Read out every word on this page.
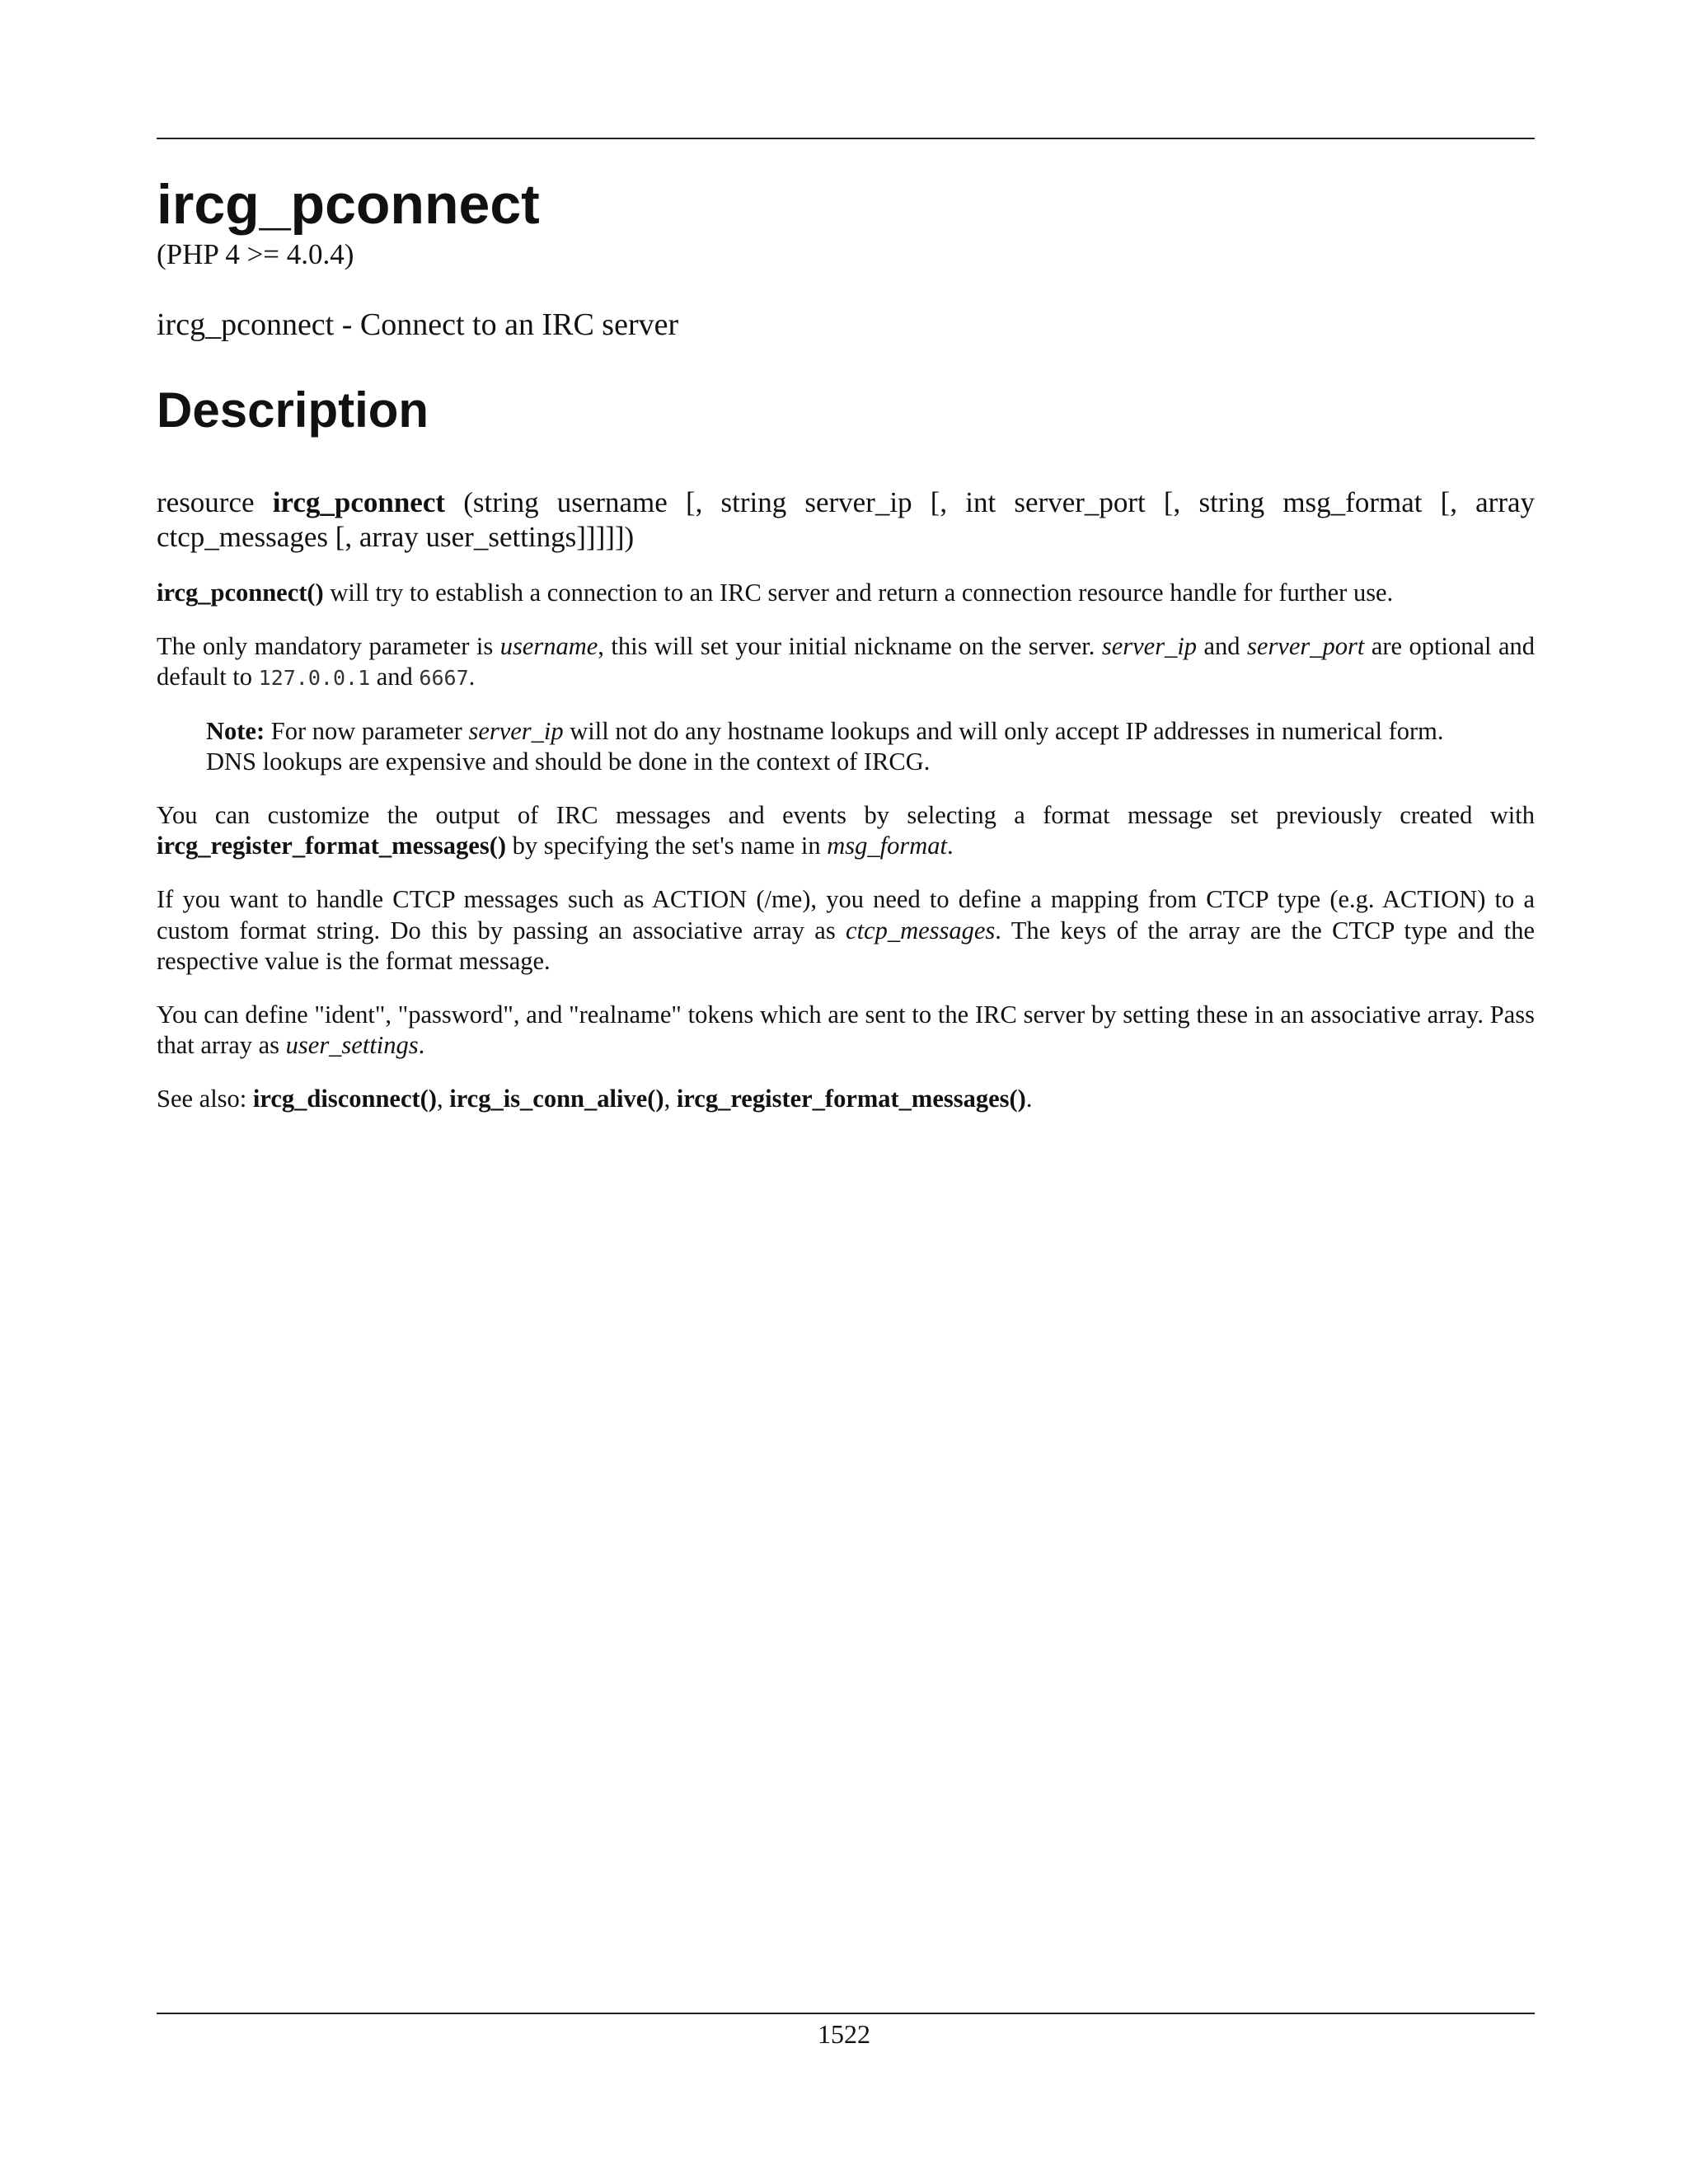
ircg_pconnect
(PHP 4 >= 4.0.4)
ircg_pconnect - Connect to an IRC server
Description
resource ircg_pconnect (string username [, string server_ip [, int server_port [, string msg_format [, array ctcp_messages [, array user_settings]]]]])

ircg_pconnect() will try to establish a connection to an IRC server and return a connection resource handle for further use.

The only mandatory parameter is username, this will set your initial nickname on the server. server_ip and server_port are optional and default to 127.0.0.1 and 6667.

Note: For now parameter server_ip will not do any hostname lookups and will only accept IP addresses in numerical form. DNS lookups are expensive and should be done in the context of IRCG.

You can customize the output of IRC messages and events by selecting a format message set previously created with ircg_register_format_messages() by specifying the set's name in msg_format.

If you want to handle CTCP messages such as ACTION (/me), you need to define a mapping from CTCP type (e.g. ACTION) to a custom format string. Do this by passing an associative array as ctcp_messages. The keys of the array are the CTCP type and the respective value is the format message.

You can define "ident", "password", and "realname" tokens which are sent to the IRC server by setting these in an associative array. Pass that array as user_settings.

See also: ircg_disconnect(), ircg_is_conn_alive(), ircg_register_format_messages().

1522
